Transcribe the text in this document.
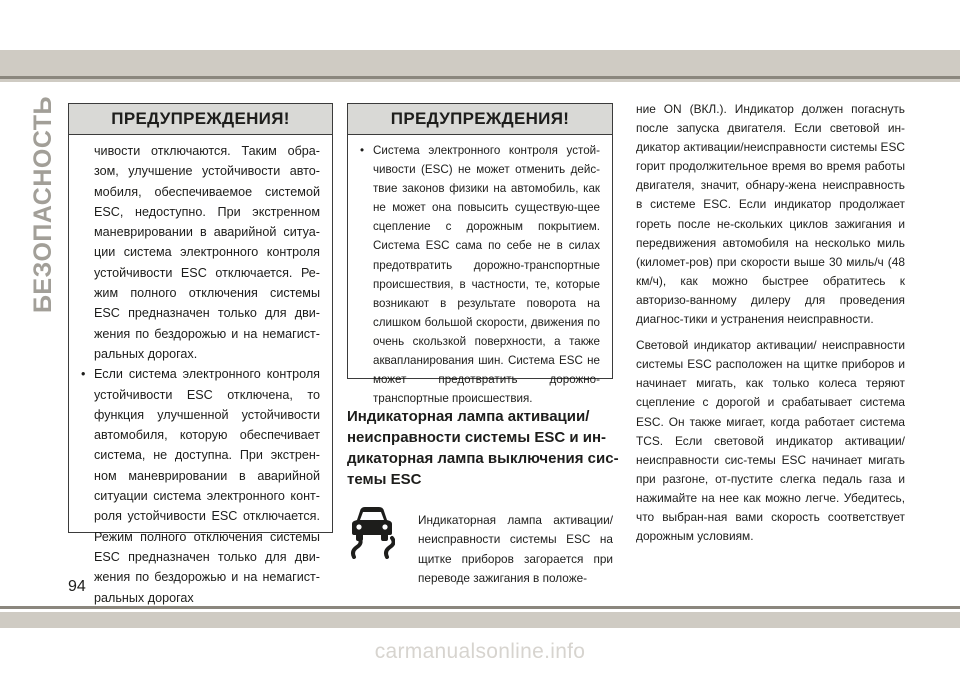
БЕЗОПАСНОСТЬ	ПРЕДУПРЕЖДЕНИЯ!

чивости отключаются. Таким обра-зом, улучшение устойчивости авто-мобиля, обеспечиваемое системой ESC, недоступно. При экстренном маневрировании в аварийной ситуа-ции система электронного контроля устойчивости ESC отключается. Ре-жим полного отключения системы ESC предназначен только для дви-жения по бездорожью и на немагист-ральных дорогах.

• Если система электронного контроля устойчивости ESC отключена, то функция улучшенной устойчивости автомобиля, которую обеспечивает система, не доступна. При экстрен-ном маневрировании в аварийной ситуации система электронного конт-роля устойчивости ESC отключается. Режим полного отключения системы ESC предназначен только для дви-жения по бездорожью и на немагист-ральных дорогах
ПРЕДУПРЕЖДЕНИЯ!
• Система электронного контроля устой-чивости (ESC) не может отменить дейс-твие законов физики на автомобиль, как не может она повысить существую-щее сцепление с дорожным покрытием. Система ESC сама по себе не в силах предотвратить дорожно-транспортные происшествия, в частности, те, которые возникают в результате поворота на слишком большой скорости, движения по очень скользкой поверхности, а также аквапланирования шин. Система ESC не может предотвратить дорожно-транспортные происшествия.
Индикаторная лампа активации/
неисправности системы ESC и ин-
дикаторная лампа выключения сис-
темы ESC
Индикаторная лампа активации/ неисправности системы ESC на щитке приборов загорается при переводе зажигания в положе-

ние ON (ВКЛ.). Индикатор должен погаснуть после запуска двигателя. Если световой ин-дикатор активации/неисправности системы ESC горит продолжительное время во время работы двигателя, значит, обнару-жена неисправность в системе ESC. Если индикатор продолжает гореть после не-скольких циклов зажигания и передвижения автомобиля на несколько миль (километ-ров) при скорости выше 30 миль/ч (48 км/ч), как можно быстрее обратитесь к авторизо-ванному дилеру для проведения диагнос-тики и устранения неисправности.

Световой индикатор активации/ неисправности системы ESC расположен на щитке приборов и начинает мигать, как только колеса теряют сцепление с дорогой и срабатывает система ESC. Он также мигает, когда работает система TCS. Если световой индикатор активации/неисправности сис-темы ESC начинает мигать при разгоне, от-пустите слегка педаль газа и нажимайте на нее как можно легче. Убедитесь, что выбран-ная вами скорость соответствует дорожным условиям.

94
carmanualsonline.info
